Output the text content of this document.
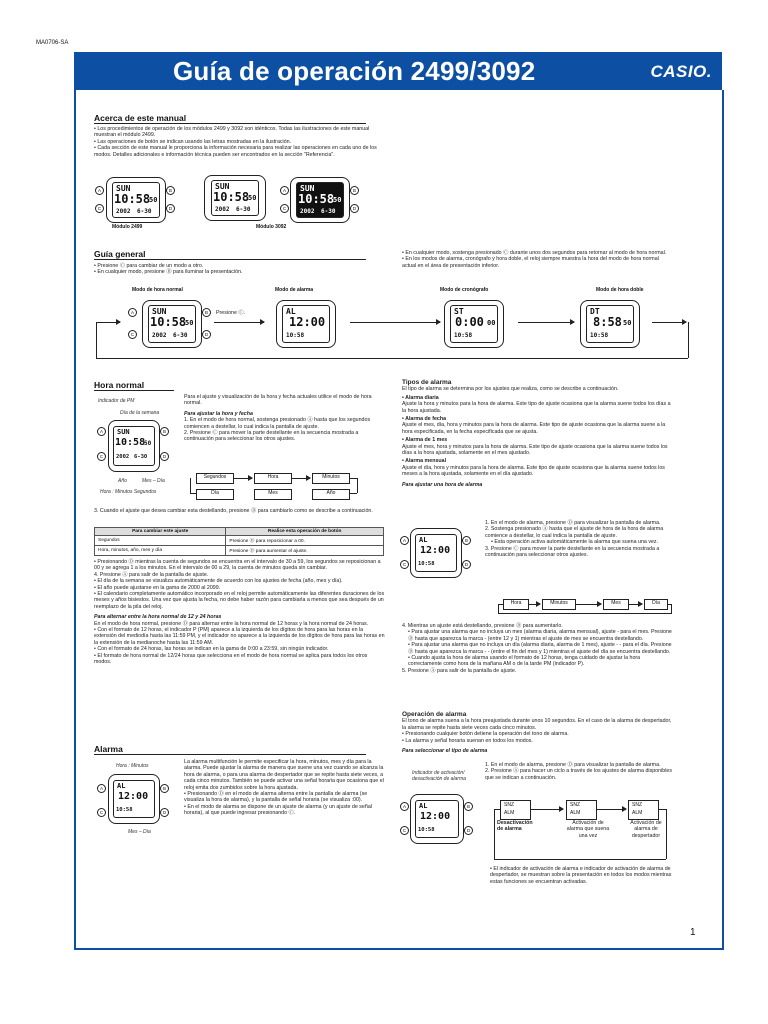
MA0706-SA
Guía de operación 2499/3092	CASIO.
Acerca de este manual

• Los procedimientos de operación de los módulos 2499 y 3092 son idénticos. Todas las ilustraciones de este manual muestran el módulo 2499.

• Las operaciones de botón se indican usando las letras mostradas en la ilustración.

• Cada sección de este manual le proporciona la información necesaria para realizar las operaciones en cada uno de los modos. Detalles adicionales e información técnica pueden ser encontrados en la sección "Referencia".

SUN
10:58
50
2002 6-30
A
C
B
D
Módulo 2499
SUN
10:58
50
2002 6-30
SUN
10:58
50
2002 6-30
A
C
B
D
Módulo 3092
Guía general

• Presione Ⓒ para cambiar de un modo a otro.

• En cualquier modo, presione Ⓑ para iluminar la presentación.

• En cualquier modo, sostenga presionado Ⓒ durante unos dos segundos para retornar al modo de hora normal.

• En los modos de alarma, cronógrafo y hora doble, el reloj siempre muestra la hora del modo de hora normal actual en el área de presentación inferior.

Modo de hora normal	Modo de alarma	Modo de cronógrafo	Modo de hora doble
Presione Ⓒ.
SUN
10:58
50
2002 6-30
A
C
B
D
AL
12:00
10:58
ST
0:00 00
10:58
DT
8:58 50
10:58
Hora normal
Indicador de PM
Día de la semana
SUN
10:58
50
2002 6-30
A
C
B
D
Año	Mes – Día
Hora : Minutos Segundos

Para el ajuste y visualización de la hora y fecha actuales utilice el modo de hora normal.

Para ajustar la hora y fecha

1. En el modo de hora normal, sostenga presionado Ⓐ hasta que los segundos comiencen a destellar, lo cual indica la pantalla de ajuste.

2. Presione Ⓒ para mover la parte destellante en la secuencia mostrada a continuación para seleccionar los otros ajustes.

Segundos	Hora	Minutos
Día	Mes	Año
3. Cuando el ajuste que desea cambiar esta destellando, presione Ⓓ para cambiarlo como se describe a continuación.
Para cambiar este ajuste	Realice esta operación de botón
Segundos	Presione Ⓓ para reposicionar a 00.
Hora, minutos, año, mes y día	Presione Ⓓ para aumentar el ajuste.

• Presionando Ⓓ mientras la cuenta de segundos se encuentra en el intervalo de 30 a 59, los segundos se reposicionan a 00 y se agrega 1 a los minutos. En el intervalo de 00 a 29, la cuenta de minutos queda sin cambiar.

4. Presione Ⓐ para salir de la pantalla de ajuste.

• El día de la semana se visualiza automáticamente de acuerdo con los ajustes de fecha (año, mes y día).

• El año puede ajustarse en la gama de 2000 al 2099.

• El calendario completamente automático incorporado en el reloj permite automáticamente las diferentes duraciones de los meses y años bisiestos. Una vez que ajusta la fecha, no debe haber razón para cambiarla a menos que sea después de un reemplazo de la pila del reloj.

Para alternar entre la hora normal de 12 y 24 horas

En el modo de hora normal, presione Ⓓ para alternar entre la hora normal de 12 horas y la hora normal de 24 horas.

• Con el formato de 12 horas, el indicador P (PM) aparece a la izquierda de los dígitos de hora para las horas en la extensión del mediodía hasta las 11:59 PM, y el indicador no aparece a la izquierda de los dígitos de hora para las horas en la extensión de la medianoche hasta las 11:59 AM.

• Con el formato de 24 horas, las horas se indican en la gama de 0:00 a 23:59, sin ningún indicador.

• El formato de hora normal de 12/24 horas que selecciona en el modo de hora normal se aplica para todos los otros modos.

Alarma
Hora : Minutos
AL
12:00
10:58
A
C
B
D
Mes – Día

La alarma multifunción le permite especificar la hora, minutos, mes y día para la alarma. Puede ajustar la alarma de manera que suene una vez cuando se alcanza la hora de alarma, o para una alarma de despertador que se repite hasta siete veces, a cada cinco minutos. También se puede activar una señal horaria que ocasiona que el reloj emita dos zumbidos sobre la hora ajustada.

• Presionando Ⓓ en el modo de alarma alterna entre la pantalla de alarma (se visualiza la hora de alarma), y la pantalla de señal horaria (se visualiza :00).

• En el modo de alarma se dispone de un ajuste de alarma (y un ajuste de señal horaria), al que puede ingresar presionando Ⓒ.

Tipos de alarma

El tipo de alarma se determina por los ajustes que realiza, como se describe a continuación.

• Alarma diaria

Ajuste la hora y minutos para la hora de alarma. Este tipo de ajuste ocasiona que la alarma suene todos los días a la hora ajustada.

• Alarma de fecha

Ajuste el mes, día, hora y minutos para la hora de alarma. Este tipo de ajuste ocasiona que la alarma suene a la hora especificada, en la fecha especificada que se ajusta.

• Alarma de 1 mes

Ajuste el mes, hora y minutos para la hora de alarma. Este tipo de ajuste ocasiona que la alarma suene todos los días a la hora ajustada, solamente en el mes ajustado.

• Alarma mensual

Ajuste el día, hora y minutos para la hora de alarma. Este tipo de ajuste ocasiona que la alarma suene todos los meses a la hora ajustada, solamente en el día ajustado.

Para ajustar una hora de alarma

AL
12:00
10:58
A
C
B
D

1. En el modo de alarma, presione Ⓓ para visualizar la pantalla de alarma.

2. Sostenga presionado Ⓐ hasta que el ajuste de hora de la hora de alarma comience a destellar, lo cual indica la pantalla de ajuste.

• Esta operación activa automáticamente la alarma que suena una vez.

3. Presione Ⓒ para mover la parte destellante en la secuencia mostrada a continuación para seleccionar otros ajustes.

Hora	Minutos	Mes	Día

4. Mientras un ajuste está destellando, presione Ⓓ para aumentarlo.

• Para ajustar una alarma que no incluya un mes (alarma diaria, alarma mensual), ajuste - para el mes. Presione Ⓓ hasta que aparezca la marca - (entre 12 y 1) mientras el ajuste de mes se encuentra destellando.

• Para ajustar una alarma que no incluya un día (alarma diaria, alarma de 1 mes), ajuste - - para el día. Presione Ⓓ hasta que aparezca la marca - - (entre el fin del mes y 1) mientras el ajuste del día se encuentra destellando.

• Cuando ajusta la hora de alarma usando el formato de 12 horas, tenga cuidado de ajustar la hora correctamente como hora de la mañana AM o de la tarde PM (indicador P).

5. Presione Ⓐ para salir de la pantalla de ajuste.

Operación de alarma

El tono de alarma suena a la hora preajustada durante unos 10 segundos. En el caso de la alarma de despertador, la alarma se repite hasta siete veces cada cinco minutos.

• Presionando cualquier botón detiene la operación del tono de alarma.

• La alarma y señal horaria suenan en todos los modos.

Para seleccionar el tipo de alarma

Indicador de activación/ desactivación de alarma
AL
12:00
10:58
A
C
B
D

1. En el modo de alarma, presione Ⓓ para visualizar la pantalla de alarma.

2. Presione Ⓐ para hacer un ciclo a través de los ajustes de alarma disponibles que se indican a continuación.

SNZ
ALM
SNZ
ALM
SNZ
ALM
Desactivación de alarma
Activación de alarma que suena una vez
Activación de alarma de despertador
• El indicador de activación de alarma e indicador de activación de alarma de despertador, se muestran sobre la presentación en todos los modos mientras estas funciones se encuentran activadas.
1
